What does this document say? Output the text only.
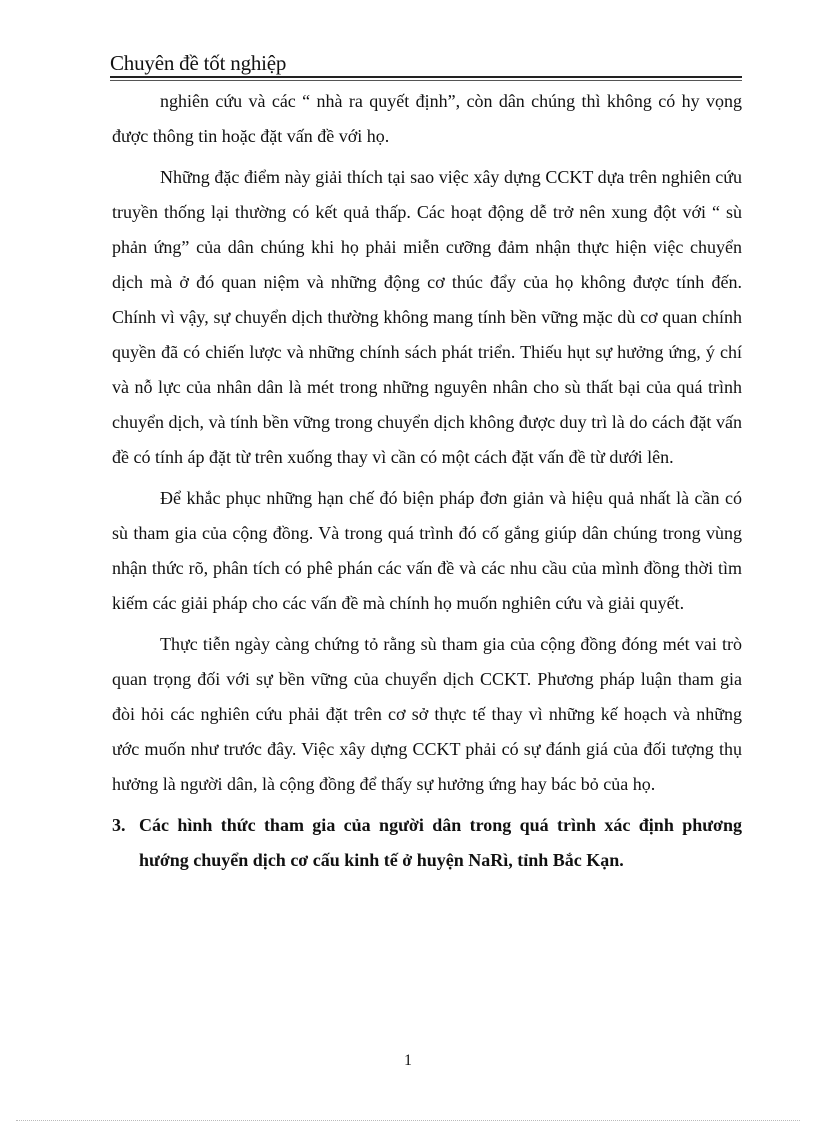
Chuyên đề tốt nghiệp

nghiên cứu và các “ nhà ra quyết định”, còn dân chúng thì không có hy vọng được thông tin hoặc đặt vấn đề với họ.

Những đặc điểm này giải thích tại sao việc xây dựng CCKT dựa trên nghiên cứu truyền thống lại thường có kết quả thấp. Các hoạt động dễ trở nên xung đột với “ sù phản ứng” của dân chúng khi họ phải miễn cưỡng đảm nhận thực hiện việc chuyển dịch mà ở đó quan niệm và những động cơ thúc đẩy của họ không được tính đến. Chính vì vậy, sự chuyển dịch thường không mang tính bền vững mặc dù cơ quan chính quyền đã có chiến lược và những chính sách phát triển. Thiếu hụt sự hưởng ứng, ý chí và nỗ lực của nhân dân là mét trong những nguyên nhân cho sù thất bại của quá trình chuyển dịch, và tính bền vững trong chuyển dịch không được duy trì là do cách đặt vấn đề có tính áp đặt từ trên xuống thay vì cần có một cách đặt vấn đề từ dưới lên.

Để khắc phục những hạn chế đó biện pháp đơn giản và hiệu quả nhất là cần có sù tham gia của cộng đồng. Và trong quá trình đó cố gắng giúp dân chúng trong vùng nhận thức rõ, phân tích có phê phán các vấn đề và các nhu cầu của mình đồng thời tìm kiếm các giải pháp cho các vấn đề mà chính họ muốn nghiên cứu và giải quyết.

Thực tiễn ngày càng chứng tỏ rằng sù tham gia của cộng đồng đóng mét vai trò quan trọng đối với sự bền vững của chuyển dịch CCKT. Phương pháp luận tham gia đòi hỏi các nghiên cứu phải đặt trên cơ sở thực tế thay vì những kế hoạch và những ước muốn như trước đây. Việc xây dựng CCKT phải có sự đánh giá của đối tượng thụ hưởng là người dân, là cộng đồng để thấy sự hưởng ứng hay bác bỏ của họ.

3. Các hình thức tham gia của người dân trong quá trình xác định phương hướng chuyển dịch cơ cấu kinh tế ở huyện NaRì, tỉnh Bắc Kạn.

1
